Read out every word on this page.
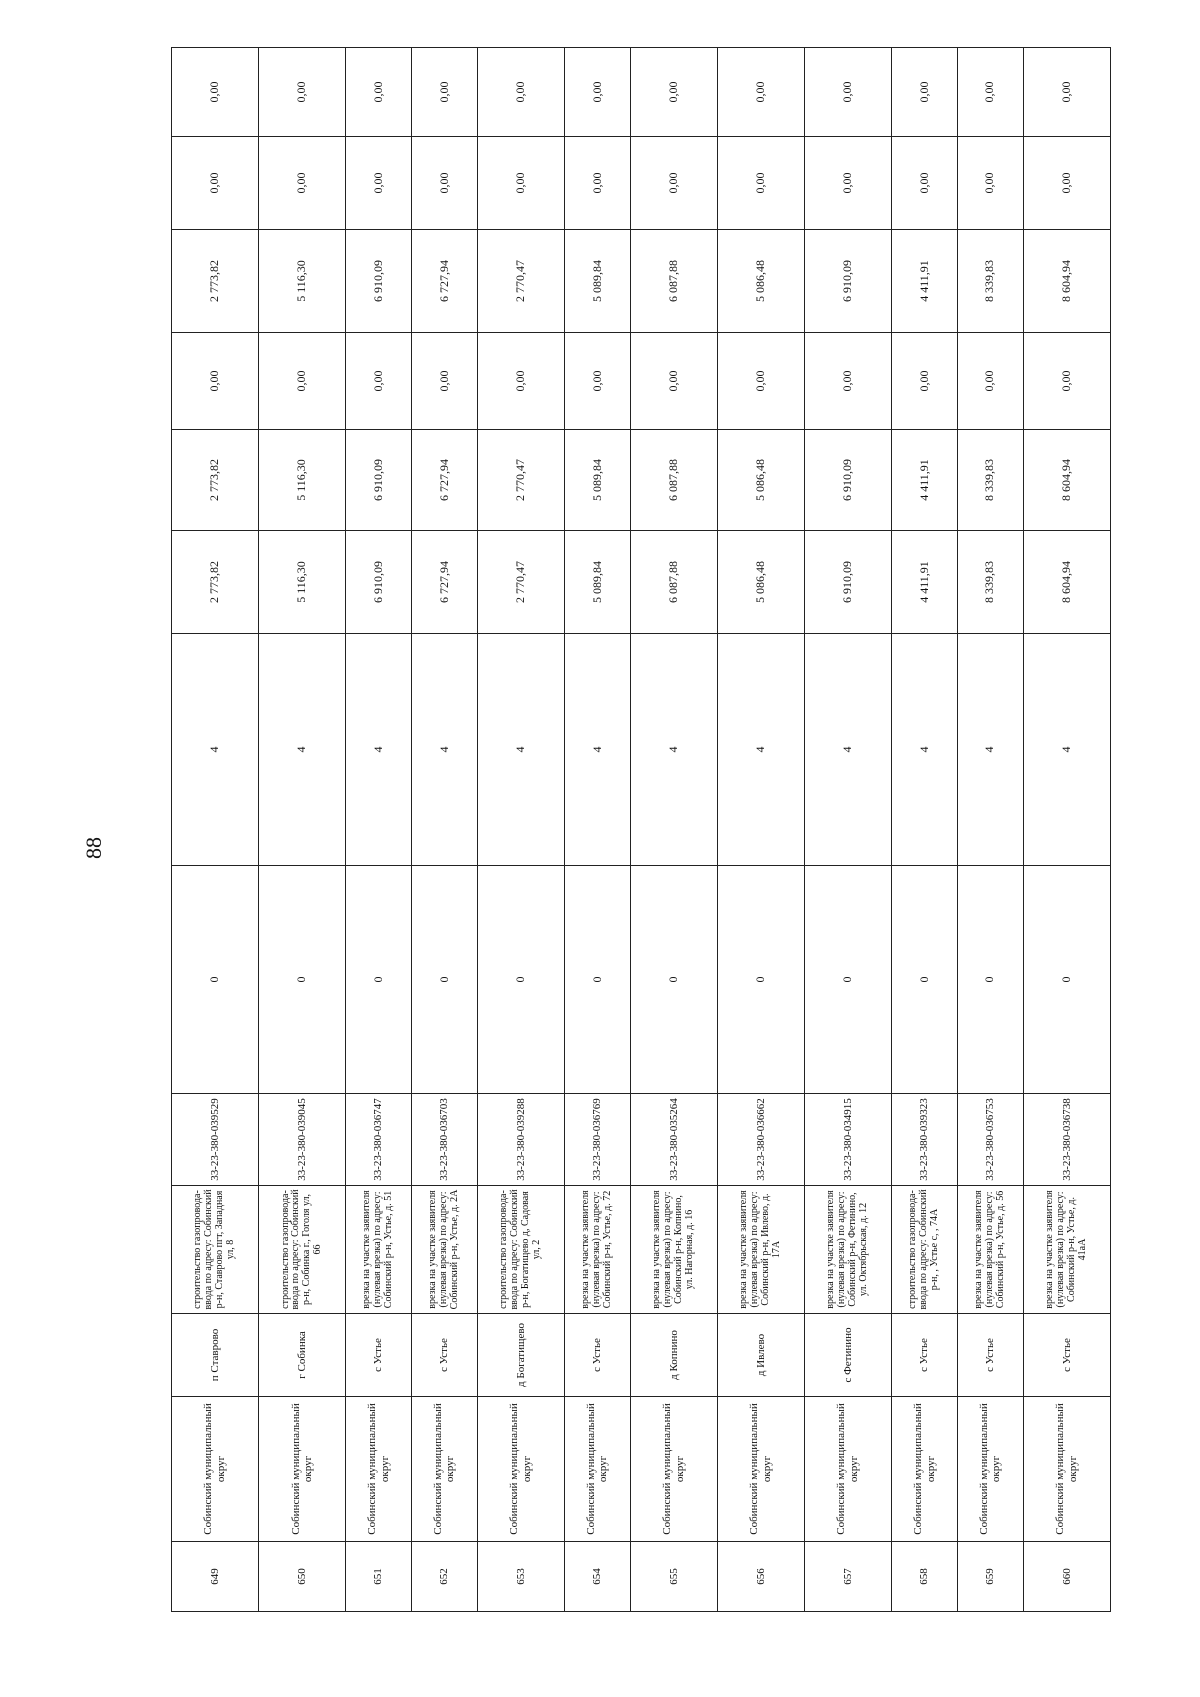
88
649	Собинский муниципальный округ	п Ставрово	строительство газопровода-ввода по адресу: Собинский р-н, Ставрово пгт, Западная ул, 8	33-23-380-039529	0	4	2 773,82	2 773,82	0,00	2 773,82	0,00	0,00
650	Собинский муниципальный округ	г Собинка	строительство газопровода-ввода по адресу: Собинский р-н, Собинка г., Гоголя ул, 66	33-23-380-039045	0	4	5 116,30	5 116,30	0,00	5 116,30	0,00	0,00
651	Собинский муниципальный округ	с Устье	врезка на участке заявителя (нулевая врезка) по адресу: Собинский р-н, Устье, д. 51	33-23-380-036747	0	4	6 910,09	6 910,09	0,00	6 910,09	0,00	0,00
652	Собинский муниципальный округ	с Устье	врезка на участке заявителя (нулевая врезка) по адресу: Собинский р-н, Устье, д. 2А	33-23-380-036703	0	4	6 727,94	6 727,94	0,00	6 727,94	0,00	0,00
653	Собинский муниципальный округ	д Богатищево	строительство газопровода-ввода по адресу: Собинский р-н, Богатищево д, Садовая ул, 2	33-23-380-039288	0	4	2 770,47	2 770,47	0,00	2 770,47	0,00	0,00
654	Собинский муниципальный округ	с Устье	врезка на участке заявителя (нулевая врезка) по адресу: Собинский р-н, Устье, д. 72	33-23-380-036769	0	4	5 089,84	5 089,84	0,00	5 089,84	0,00	0,00
655	Собинский муниципальный округ	д Копнино	врезка на участке заявителя (нулевая врезка) по адресу: Собинский р-н, Копнино, ул. Нагорная, д. 16	33-23-380-035264	0	4	6 087,88	6 087,88	0,00	6 087,88	0,00	0,00
656	Собинский муниципальный округ	д Ивлево	врезка на участке заявителя (нулевая врезка) по адресу: Собинский р-н, Ивлево, д. 17А	33-23-380-036662	0	4	5 086,48	5 086,48	0,00	5 086,48	0,00	0,00
657	Собинский муниципальный округ	с Фетинино	врезка на участке заявителя (нулевая врезка) по адресу: Собинский р-н, Фетинино, ул. Октябрьская, д. 12	33-23-380-034915	0	4	6 910,09	6 910,09	0,00	6 910,09	0,00	0,00
658	Собинский муниципальный округ	с Устье	строительство газопровода-ввода по адресу: Собинский р-н, , Устье с, , 74А	33-23-380-039323	0	4	4 411,91	4 411,91	0,00	4 411,91	0,00	0,00
659	Собинский муниципальный округ	с Устье	врезка на участке заявителя (нулевая врезка) по адресу: Собинский р-н, Устье, д. 56	33-23-380-036753	0	4	8 339,83	8 339,83	0,00	8 339,83	0,00	0,00
660	Собинский муниципальный округ	с Устье	врезка на участке заявителя (нулевая врезка) по адресу: Собинский р-н, Устье, д. 41аА	33-23-380-036738	0	4	8 604,94	8 604,94	0,00	8 604,94	0,00	0,00
